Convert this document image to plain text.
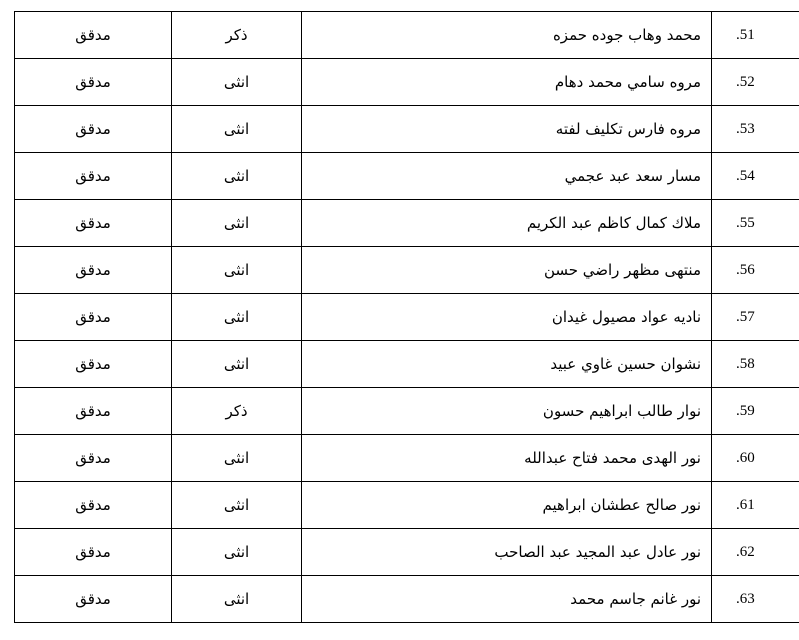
مدقق	ذكر	محمد وهاب جوده حمزه	.51
مدقق	انثى	مروه سامي محمد دهام	.52
مدقق	انثى	مروه فارس تكليف لفته	.53
مدقق	انثى	مسار سعد عبد عجمي	.54
مدقق	انثى	ملاك كمال كاظم عبد الكريم	.55
مدقق	انثى	منتهى مظهر راضي حسن	.56
مدقق	انثى	ناديه عواد مصيول غيدان	.57
مدقق	انثى	نشوان حسين غاوي عبيد	.58
مدقق	ذكر	نوار طالب ابراهيم حسون	.59
مدقق	انثى	نور الهدى محمد فتاح عبدالله	.60
مدقق	انثى	نور صالح عطشان ابراهيم	.61
مدقق	انثى	نور عادل عبد المجيد عبد الصاحب	.62
مدقق	انثى	نور غانم جاسم محمد	.63
